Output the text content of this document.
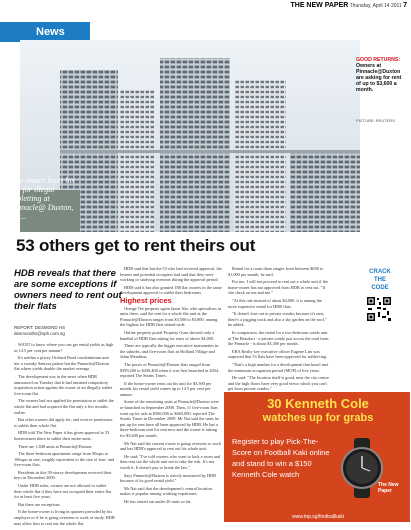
THE NEW PAPER Thursday, April 14 2011 7
News
One owner loses his flat for illegal subletting at Pinnacle@ Duxton, but...
GOOD RETURNS:
Owners at Pinnacle@Duxton are asking for rent of up to $3,600 a month.
PICTURE: REUTERS
53 others get to rent theirs out
HDB reveals that there are some exceptions if owners need to rent out their flats
REPORT: DESMOND HS
desmondhs@sph.com.sg

WANT to know where you can get rental yields as high as 14.5 per cent per annum?

It's neither a pricey Orchard Road condominium unit nor a swanky Sentosa palace but the Pinnacle@Duxton flat where yields double the market average.

The development was in the news when HDB announced on Tuesday that it had initiated compulsory acquisition action against the owner of an illegally sublet five-room flat.

The owners had not applied for permission to sublet the whole flat and had acquired the flat only a few months earlier.

But other owners did apply for, and receive permission to sublet their whole flat.

HDB told The New Paper it has given approval to 53 homeowners there to sublet their entire units.

There are 1,848 units at Pinnacle@Duxton.

The three-bedroom apartments range from 90sqm to 106sqm in size, roughly equivalent to the size of four- and five-room flats.

Residents in this 50-storey development received their keys in December 2009.

Under HDB rules, owners are not allowed to sublet their whole flat if they have not occupied their entire flat for at least five years.

But there are exceptions.

If the home-owner is living in quarters provided by his employer or if he is going overseas to work or study, HDB may allow him to rent out the whole flat.

HDB said that but the 53 who had received approval, the lessees and potential occupiers had said that they were working or studying overseas during the approval period.

HDB said it has also granted 188 flat owners in the same development approval to sublet their bedrooms.

Highest prices

Orange Tee property agent Jason Nai, who specialises in units there, said the rent for a whole flat unit at the Pinnacle@Duxton ranges from $3,500 to $3,800, among the highest for HDB flats island-wide.

Online property portal Property Guru showed only a handful of HDB flats asking for rents of above $4,000.

These are typically the bigger executive maisonettes in the suburbs, and five-room flats in Holland Village and Jalan Membina.

The prices of Pinnacle@Duxton flats ranged from $399,200 to $430,400 when it was first launched in 2004, reported The Straits Times.

If the home-owner rents out his unit for $3,500 per month, his rental yield comes up to 14.5 per cent per annum.

Some of the remaining units at Pinnacle@Duxton were re-launched in September 2008. Then, 11 five-room flats went up for sale at $560,000 to $665,000, reported The Straits Times in December 2009. Mr Nai said the units he put up for rent have all been approved by HDB. He has a three-bedroom unit for rent now and the owner is asking for $3,600 per month.

Mr Nai said the current owner is going overseas to work and has HDB's approval to rent out his whole unit.

He said: "I've told owners who want to look a room and then rent out the whole unit not to take the risk. It's not worth it. It doesn't pay to break the law."

Says Pinnacle@Duxton is strictly monitored by HDB because of its good rental yield."

Mr Nai said that the development's central location makes it popular among working expatriates.

He has rented out under 20 units so far.

Rental for a room there ranges from between $600 to $1,000 per month, he said.

For me, I will not proceed to rent out a whole unit if the home-owner has not approved from HDB to rent out. "If she check on me and me."

"At this rate instead of about $4,000, it is among the more expensive rental for HDB flats.

"It doesn't lose out to private condos because it's new, there's a jogging track and also a sky garden on the roof," he added.

In comparison, the rental for a two-bedroom condo unit at The Beaufort - a private condo just across the road from the Pinnacle - is about $3,300 per month.

ERA Realty key executive officer Eugene Lim was surprised that 53 flats have been approved for sublet-ting.

"That's a high number for a development that hasn't met the minimum occupation period (MOP) of five years.

He said: "The location itself is good, near the city centre and the high floors have very good views which you can't get from private condos."

CRACK
THE
CODE
30 Kenneth Cole
watches up for grabs
Register to play Pick-The-Score on Football Kaki online and stand to win a $150 Kenneth Cole watch
The New Paper
www.tnp.sg/footballkaki
